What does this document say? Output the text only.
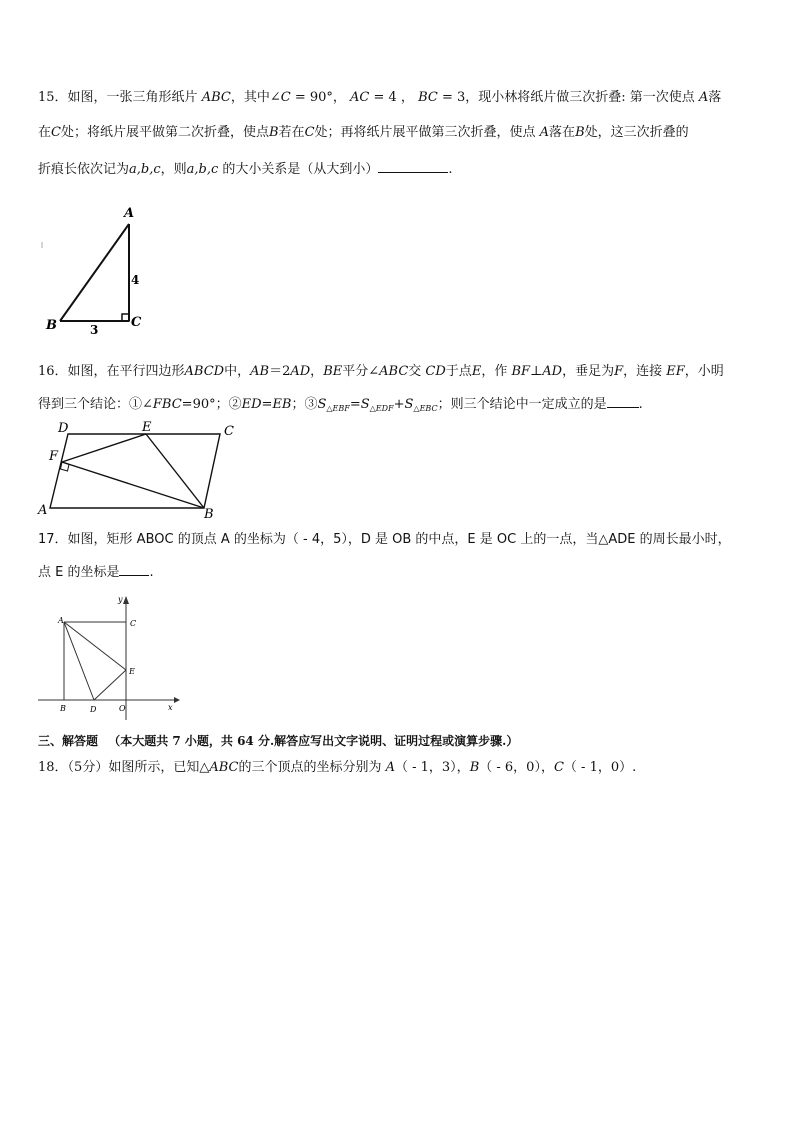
15．如图，一张三角形纸片 ABC，其中∠C = 90°， AC = 4 ， BC = 3，现小林将纸片做三次折叠: 第一次使点 A落
在C处；将纸片展平做第二次折叠，使点B若在C处；再将纸片展平做第三次折叠，使点 A落在B处，这三次折叠的
折痕长依次记为a,b,c，则a,b,c 的大小关系是（从大到小）	.
A
B	C
4
3
16．如图，在平行四边形ABCD中，AB＝2AD，BE平分∠ABC交 CD于点E，作 BF⊥AD，垂足为F，连接 EF，小明
得到三个结论：①∠FBC=90°；②ED=EB；$③S_{\triangle EBF}=S_{\triangle EDF}+S_{\triangle EBC}$；则三个结论中一定成立的是 .
D	E	C
F
A	B
17．如图，矩形 ABOC 的顶点 A 的坐标为（ - 4，5），D 是 OB 的中点，E 是 OC 上的一点，当△ADE 的周长最小时，
点 E 的坐标是 .
A	C
E
B	D	O	x
y
三、解答题 （本大题共 7 小题，共 64 分.解答应写出文字说明、证明过程或演算步骤.）
18．（5分）如图所示，已知△ABC的三个顶点的坐标分别为 A（ - 1，3），B（ - 6，0），C（ - 1，0）.
